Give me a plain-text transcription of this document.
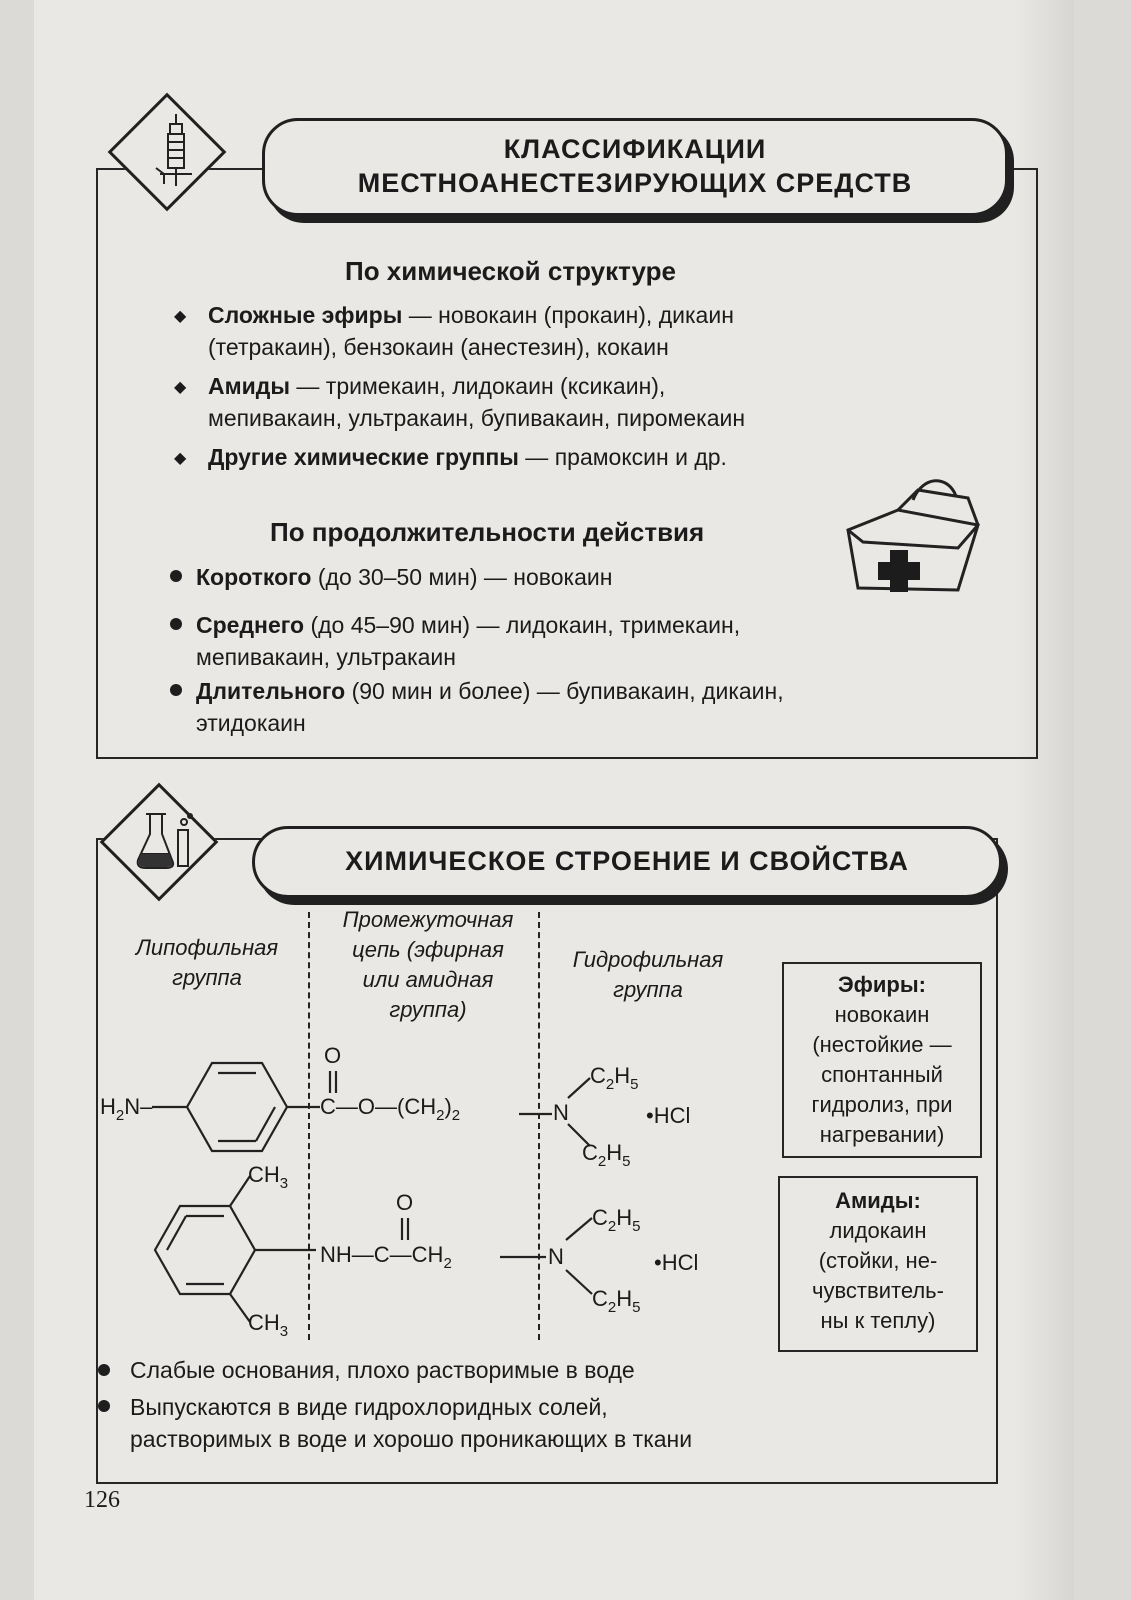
КЛАССИФИКАЦИИ
МЕСТНОАНЕСТЕЗИРУЮЩИХ СРЕДСТВ
По химической структуре
◆ Сложные эфиры — новокаин (прокаин), дикаин
(тетракаин), бензокаин (анестезин), кокаин
◆ Амиды — тримекаин, лидокаин (ксикаин),
мепивакаин, ультракаин, бупивакаин, пиромекаин
◆ Другие химические группы — прамоксин и др.
По продолжительности действия
Короткого (до 30–50 мин) — новокаин
Среднего (до 45–90 мин) — лидокаин, тримекаин,
мепивакаин, ультракаин
Длительного (90 мин и более) — бупивакаин, дикаин,
этидокаин
ХИМИЧЕСКОЕ СТРОЕНИЕ И СВОЙСТВА
Липофильная
группа
Промежуточная
цепь (эфирная
или амидная
группа)
Гидрофильная
группа
$H_2N-$
O
$C—O—(CH_2)_2$	N
$C_2H_5$
$C_2H_5$
•HCl
$CH_3$
$CH_3$
O
$NH—C—CH_2$	N
$C_2H_5$
$C_2H_5$
•HCl
Эфиры:
новокаин
(нестойкие —
спонтанный
гидролиз, при
нагревании)
Амиды:
лидокаин
(стойки, не-
чувствитель-
ны к теплу)
Слабые основания, плохо растворимые в воде
Выпускаются в виде гидрохлоридных солей,
растворимых в воде и хорошо проникающих в ткани
126
